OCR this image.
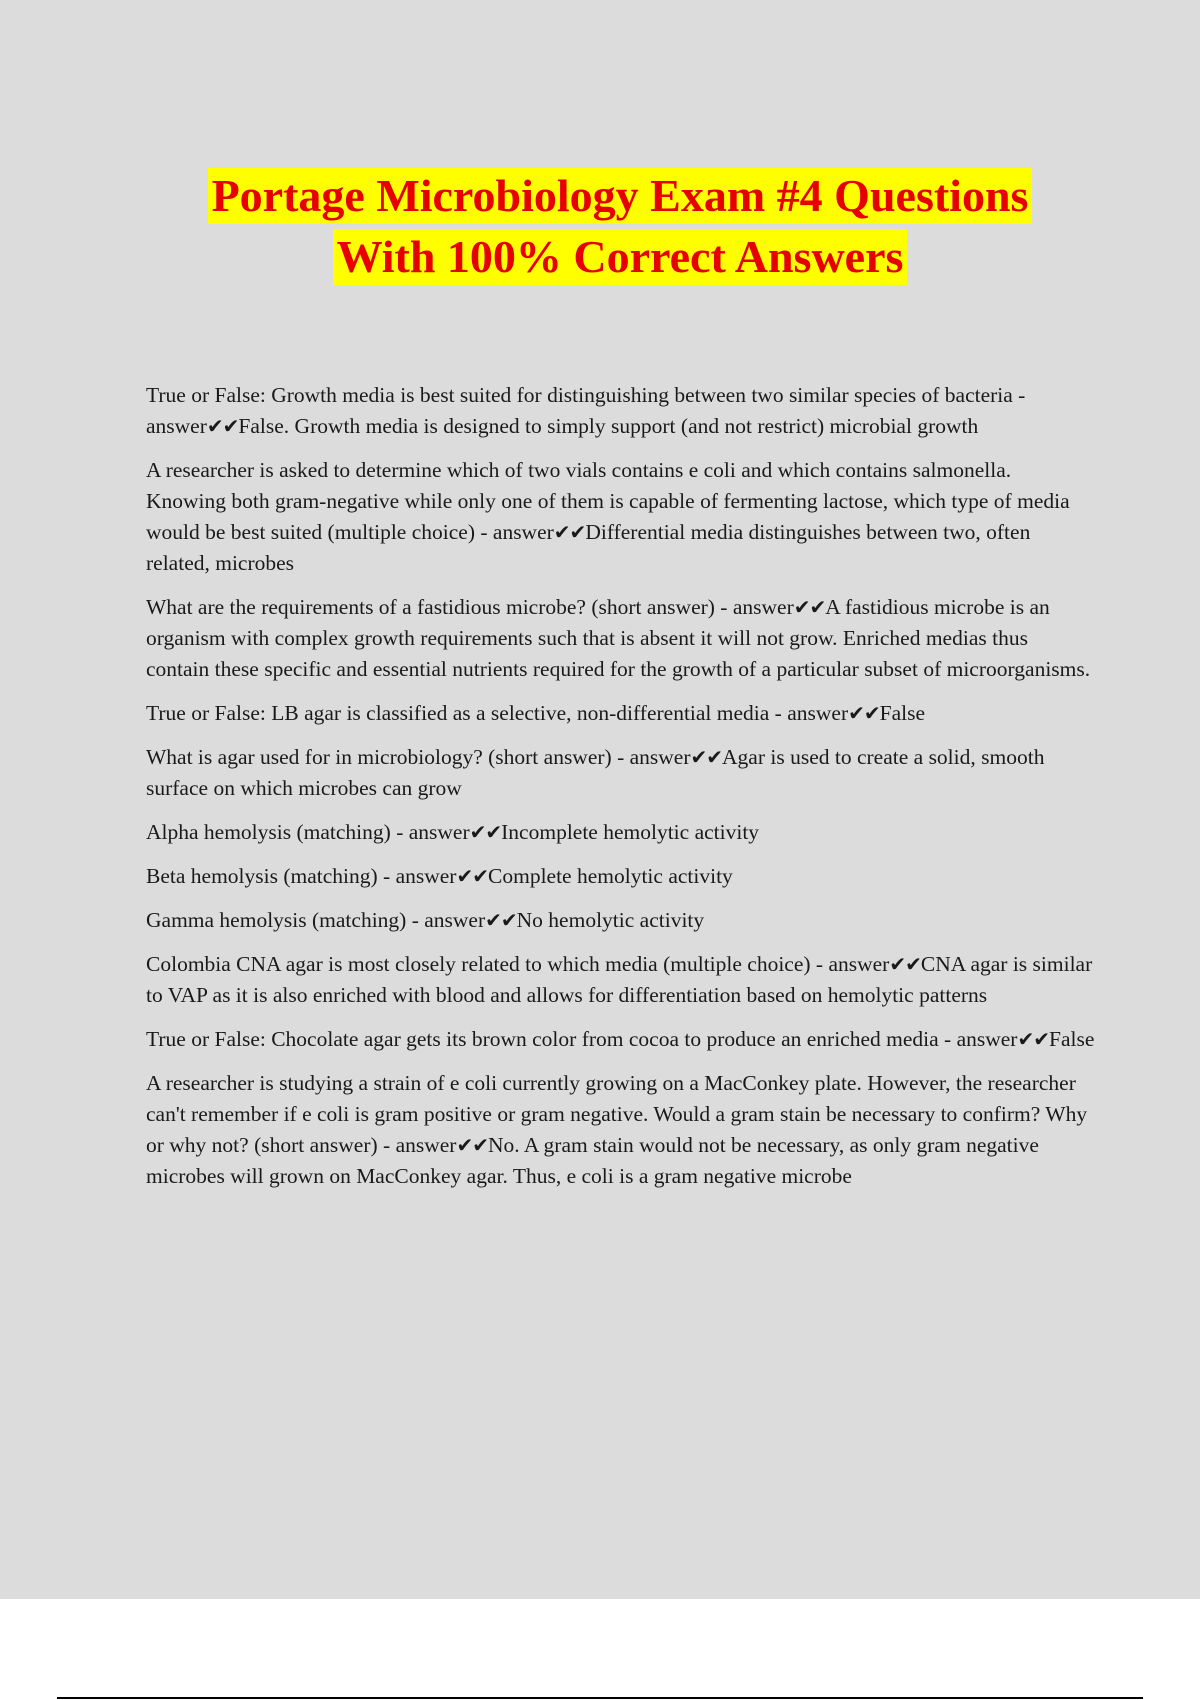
Portage Microbiology Exam #4 Questions
With 100% Correct Answers

True or False: Growth media is best suited for distinguishing between two similar species of bacteria - answer✔✔False. Growth media is designed to simply support (and not restrict) microbial growth

A researcher is asked to determine which of two vials contains e coli and which contains salmonella. Knowing both gram-negative while only one of them is capable of fermenting lactose, which type of media would be best suited (multiple choice) - answer✔✔Differential media distinguishes between two, often related, microbes

What are the requirements of a fastidious microbe? (short answer) - answer✔✔A fastidious microbe is an organism with complex growth requirements such that is absent it will not grow. Enriched medias thus contain these specific and essential nutrients required for the growth of a particular subset of microorganisms.

True or False: LB agar is classified as a selective, non-differential media - answer✔✔False

What is agar used for in microbiology? (short answer) - answer✔✔Agar is used to create a solid, smooth surface on which microbes can grow

Alpha hemolysis (matching) - answer✔✔Incomplete hemolytic activity

Beta hemolysis (matching) - answer✔✔Complete hemolytic activity

Gamma hemolysis (matching) - answer✔✔No hemolytic activity

Colombia CNA agar is most closely related to which media (multiple choice) - answer✔✔CNA agar is similar to VAP as it is also enriched with blood and allows for differentiation based on hemolytic patterns

True or False: Chocolate agar gets its brown color from cocoa to produce an enriched media - answer✔✔False

A researcher is studying a strain of e coli currently growing on a MacConkey plate. However, the researcher can't remember if e coli is gram positive or gram negative. Would a gram stain be necessary to confirm? Why or why not? (short answer) - answer✔✔No. A gram stain would not be necessary, as only gram negative microbes will grown on MacConkey agar. Thus, e coli is a gram negative microbe
